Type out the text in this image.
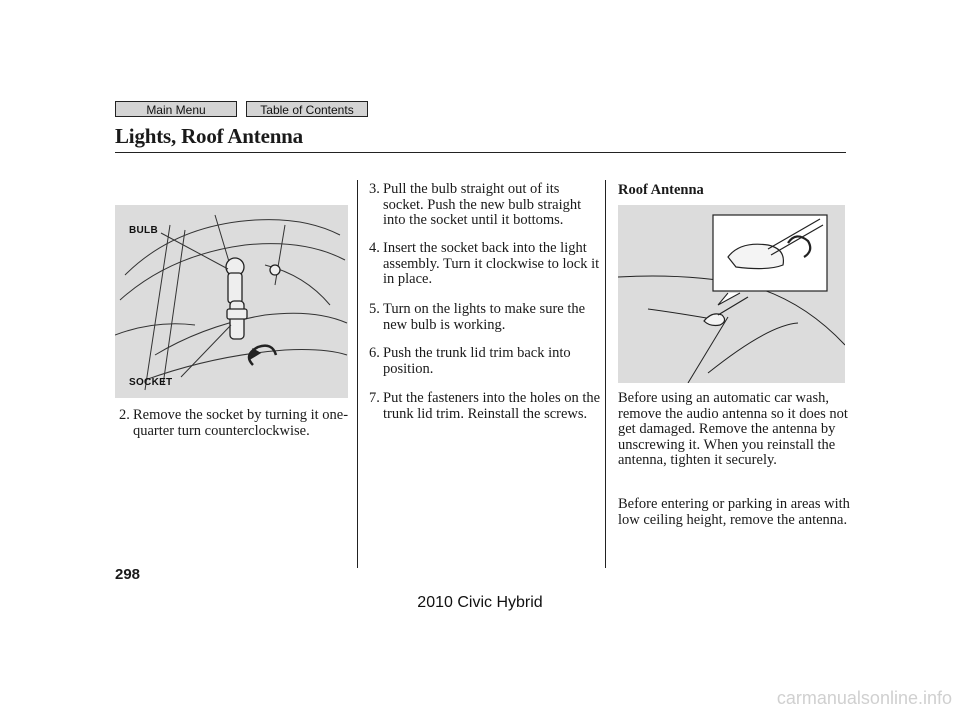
Main Menu	Table of Contents
Lights, Roof Antenna
BULB
SOCKET
2. Remove the socket by turning it one-quarter turn counterclockwise.
3. Pull the bulb straight out of its socket. Push the new bulb straight into the socket until it bottoms.
4. Insert the socket back into the light assembly. Turn it clockwise to lock it in place.
5. Turn on the lights to make sure the new bulb is working.
6. Push the trunk lid trim back into position.
7. Put the fasteners into the holes on the trunk lid trim. Reinstall the screws.
Roof Antenna
Before using an automatic car wash, remove the audio antenna so it does not get damaged. Remove the antenna by unscrewing it. When you reinstall the antenna, tighten it securely.
Before entering or parking in areas with low ceiling height, remove the antenna.
298
2010 Civic Hybrid
carmanualsonline.info
